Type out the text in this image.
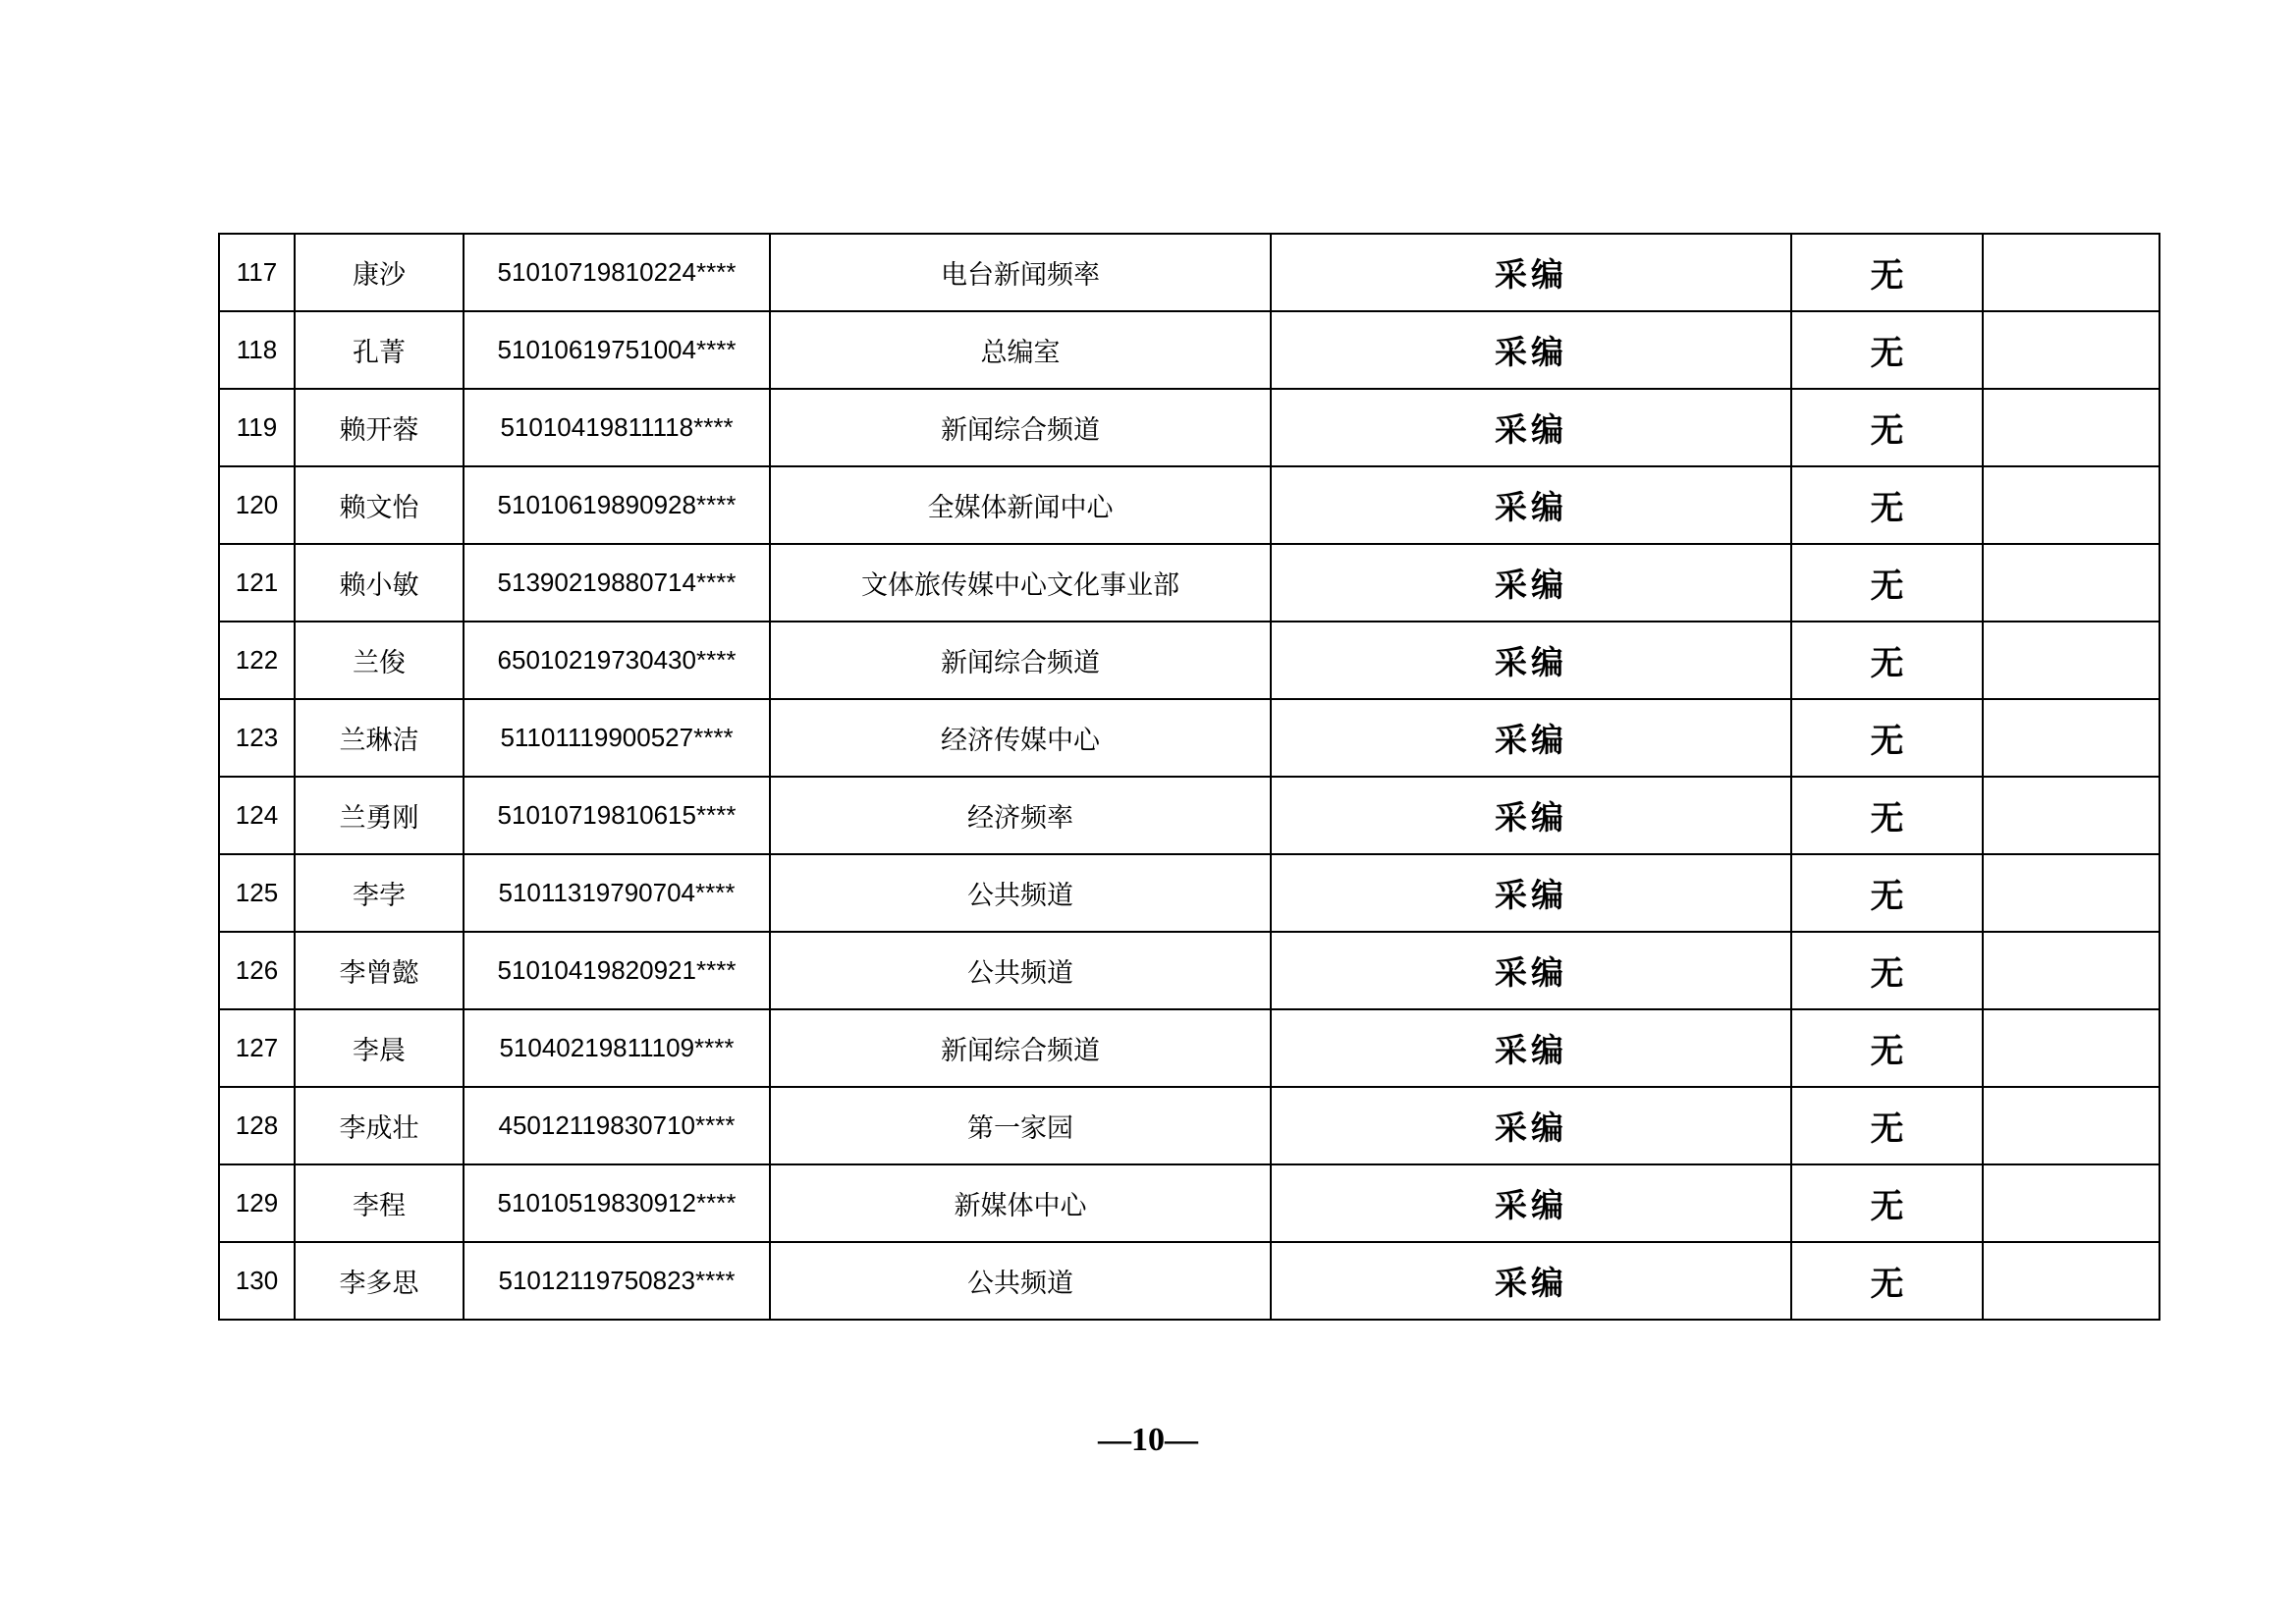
117	康沙	51010719810224****	电台新闻频率	采编	无	
118	孔菁	51010619751004****	总编室	采编	无	
119	赖开蓉	51010419811118****	新闻综合频道	采编	无	
120	赖文怡	51010619890928****	全媒体新闻中心	采编	无	
121	赖小敏	51390219880714****	文体旅传媒中心文化事业部	采编	无	
122	兰俊	65010219730430****	新闻综合频道	采编	无	
123	兰琳洁	51101119900527****	经济传媒中心	采编	无	
124	兰勇刚	51010719810615****	经济频率	采编	无	
125	李孛	51011319790704****	公共频道	采编	无	
126	李曾懿	51010419820921****	公共频道	采编	无	
127	李晨	51040219811109****	新闻综合频道	采编	无	
128	李成壮	45012119830710****	第一家园	采编	无	
129	李程	51010519830912****	新媒体中心	采编	无	
130	李多思	51012119750823****	公共频道	采编	无	
—10—
